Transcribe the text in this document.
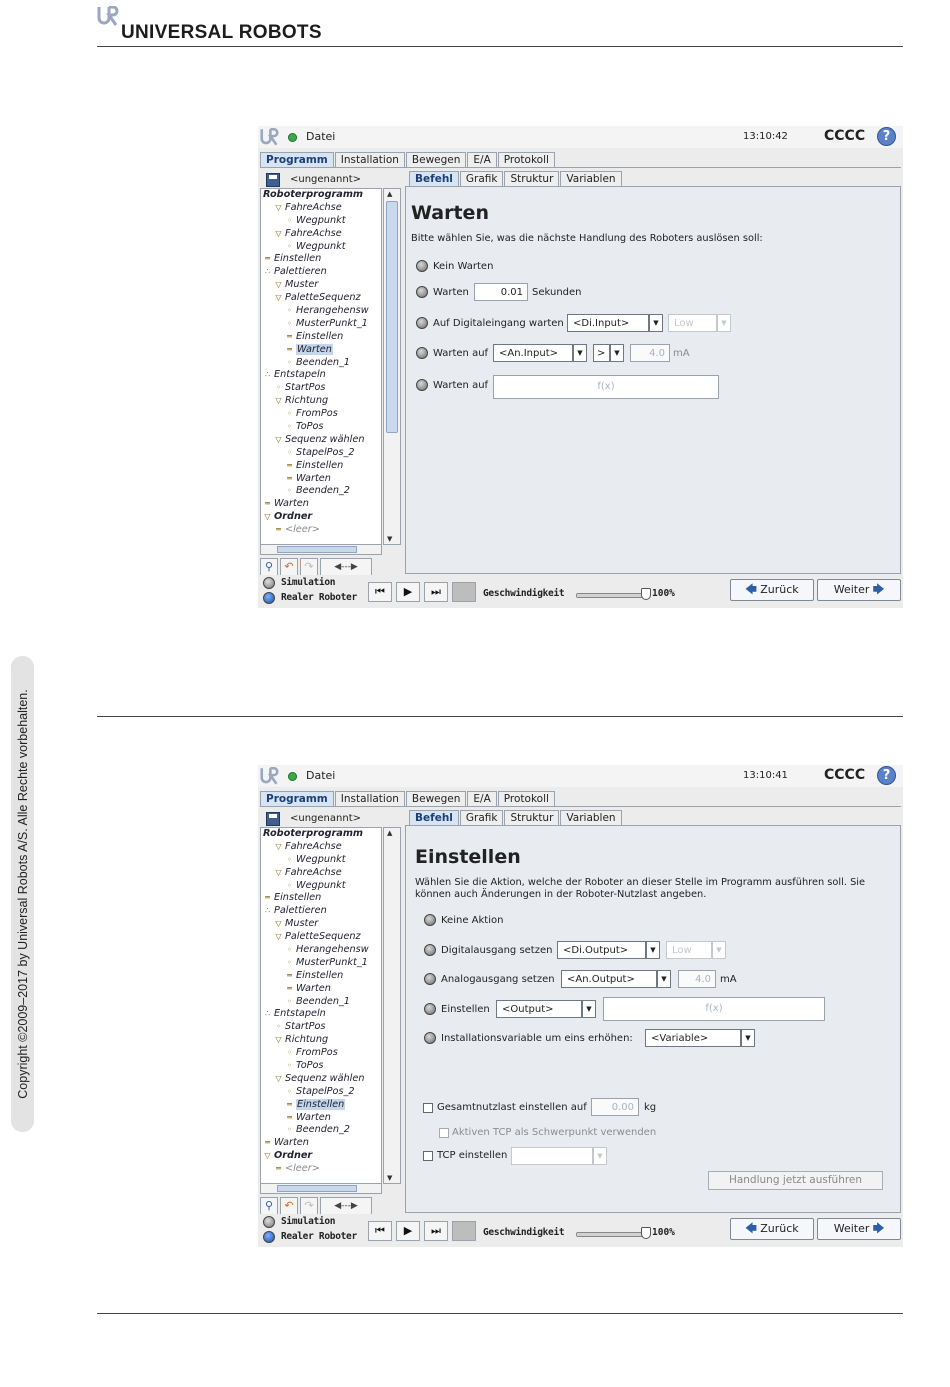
UNIVERSAL ROBOTS
Copyright ©2009–2017 by Universal Robots A/S. Alle Rechte vorbehalten.
Datei	13:10:42	CCCC	?
Programm	Installation	Bewegen	E/A	Protokoll
<ungenannt>	Befehl	Grafik	Struktur	Variablen
Roboterprogramm
▽ FahreAchse
◦ Wegpunkt
▽ FahreAchse
◦ Wegpunkt
═ Einstellen
∴ Palettieren
▽ Muster
▽ PaletteSequenz
◦ Herangehensw
◦ MusterPunkt_1
═ Einstellen
═ Warten
◦ Beenden_1
∴ Entstapeln
◦ StartPos
▽ Richtung
◦ FromPos
◦ ToPos
▽ Sequenz wählen
◦ StapelPos_2
═ Einstellen
═ Warten
◦ Beenden_2
═ Warten
▽ Ordner
═ <leer>
▲
▼
⚲	↶ ↷	◀---▶
Warten
Bitte wählen Sie, was die nächste Handlung des Roboters auslösen soll:
Kein Warten
Warten	0.01 Sekunden
Auf Digitaleingang warten <Di.Input>	▼	Low	▼
Warten auf	<An.Input>	▼	>	▼	4.0 mA
Warten auf	f(x)
Simulation
Realer Roboter	⏮	▶	⏭	Geschwindigkeit	100%	🡄 Zurück	Weiter 🡆
Datei	13:10:41	CCCC	?
Programm	Installation	Bewegen	E/A	Protokoll
<ungenannt>	Befehl	Grafik	Struktur	Variablen
Roboterprogramm
▽ FahreAchse
◦ Wegpunkt
▽ FahreAchse
◦ Wegpunkt
═ Einstellen
∴ Palettieren
▽ Muster
▽ PaletteSequenz
◦ Herangehensw
◦ MusterPunkt_1
═ Einstellen
═ Warten
◦ Beenden_1
∴ Entstapeln
◦ StartPos
▽ Richtung
◦ FromPos
◦ ToPos
▽ Sequenz wählen
◦ StapelPos_2
═ Einstellen
═ Warten
◦ Beenden_2
═ Warten
▽ Ordner
═ <leer>
▲
▼
⚲	↶ ↷	◀---▶
Einstellen
Wählen Sie die Aktion, welche der Roboter an dieser Stelle im Programm ausführen soll. Sie können auch Änderungen in der Roboter-Nutzlast angeben.
Keine Aktion
Digitalausgang setzen	<Di.Output>	▼	Low	▼
Analogausgang setzen	<An.Output>	▼	4.0 mA
Einstellen	<Output>	▼	f(x)
Installationsvariable um eins erhöhen:	<Variable>	▼
Gesamtnutzlast einstellen auf	0.00	kg
Aktiven TCP als Schwerpunkt verwenden
TCP einstellen	▼
Handlung jetzt ausführen
Simulation
Realer Roboter	⏮	▶	⏭	Geschwindigkeit	100%	🡄 Zurück	Weiter 🡆
